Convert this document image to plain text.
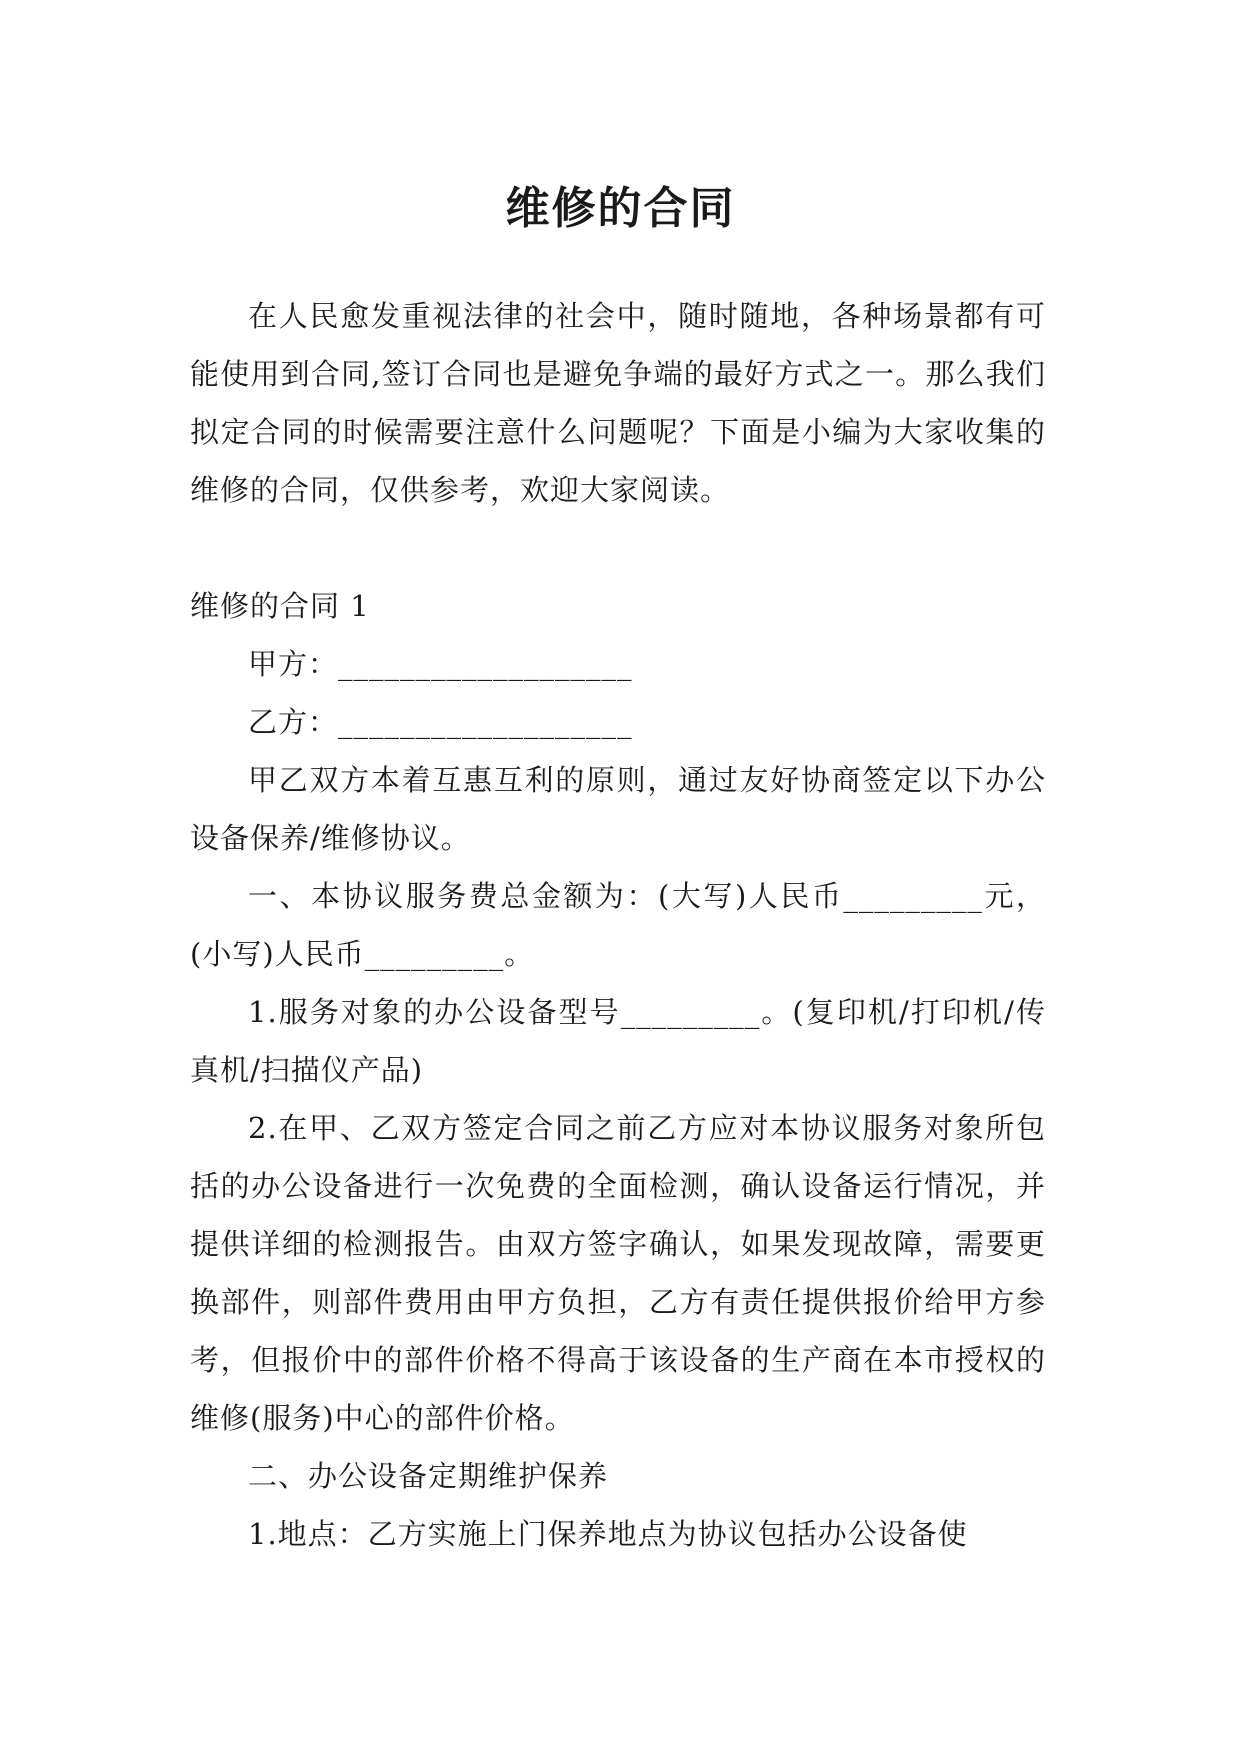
维修的合同

在人民愈发重视法律的社会中，随时随地，各种场景都有可能使用到合同,签订合同也是避免争端的最好方式之一。那么我们拟定合同的时候需要注意什么问题呢？下面是小编为大家收集的维修的合同，仅供参考，欢迎大家阅读。

维修的合同 1

甲方：___________________

乙方：___________________

甲乙双方本着互惠互利的原则，通过友好协商签定以下办公设备保养/维修协议。

一、本协议服务费总金额为：(大写)人民币_________元，(小写)人民币_________。

1.服务对象的办公设备型号_________。(复印机/打印机/传真机/扫描仪产品)

2.在甲、乙双方签定合同之前乙方应对本协议服务对象所包括的办公设备进行一次免费的全面检测，确认设备运行情况，并提供详细的检测报告。由双方签字确认，如果发现故障，需要更换部件，则部件费用由甲方负担，乙方有责任提供报价给甲方参考，但报价中的部件价格不得高于该设备的生产商在本市授权的维修(服务)中心的部件价格。

二、办公设备定期维护保养

1.地点：乙方实施上门保养地点为协议包括办公设备使
